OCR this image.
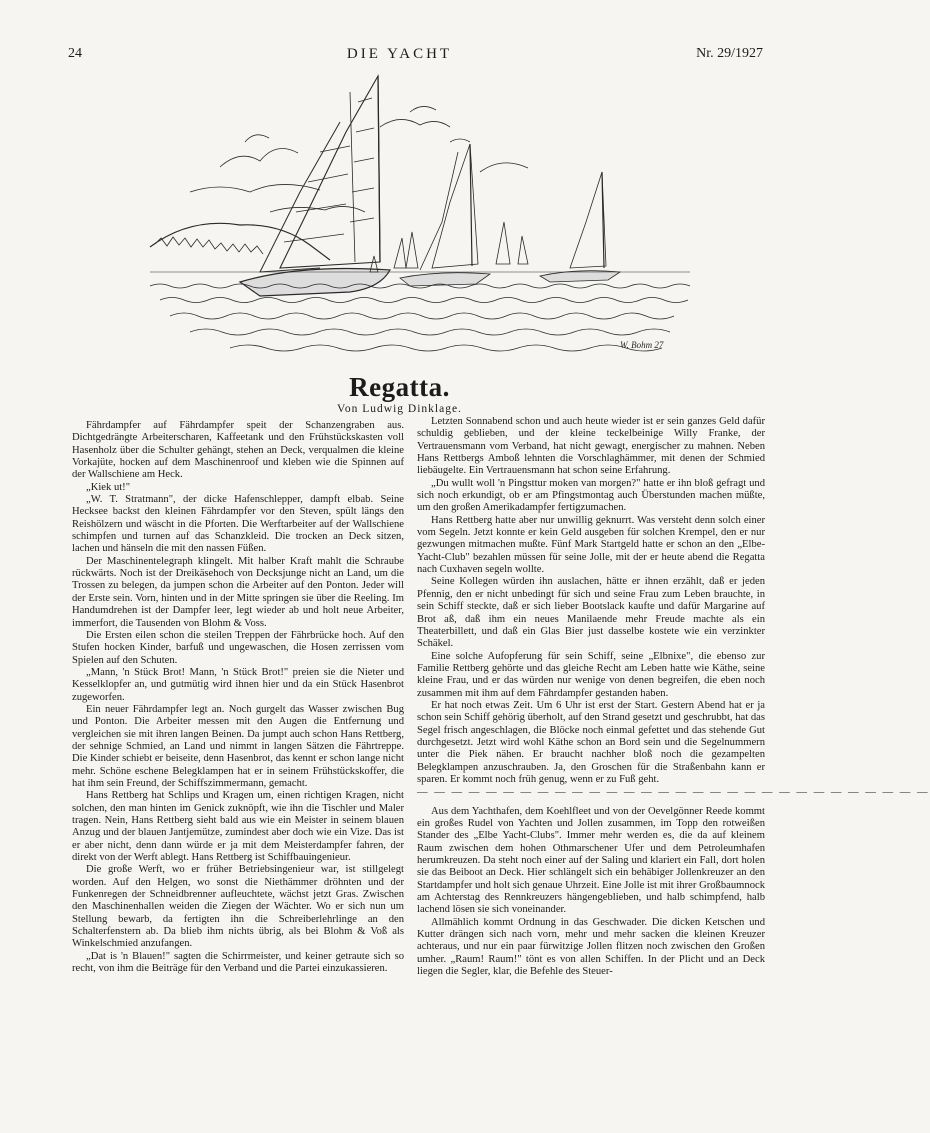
24	DIE YACHT	Nr. 29/1927
W. Bohm 27
Regatta.
Von Ludwig Dinklage.

Fährdampfer auf Fährdampfer speit der Schanzengraben aus. Dichtgedrängte Arbeiterscharen, Kaffeetank und den Frühstückskasten voll Hasenholz über die Schulter gehängt, stehen an Deck, verqualmen die kleine Vorkajüte, hocken auf dem Maschinenroof und kleben wie die Spinnen auf der Wallschiene am Heck.

„Kiek ut!"

„W. T. Stratmann", der dicke Hafenschlepper, dampft elbab. Seine Hecksee backst den kleinen Fährdampfer vor den Steven, spült längs den Reishölzern und wäscht in die Pforten. Die Werftarbeiter auf der Wallschiene schimpfen und turnen auf das Schanzkleid. Die trocken an Deck sitzen, lachen und hänseln die mit den nassen Füßen.

Der Maschinentelegraph klingelt. Mit halber Kraft mahlt die Schraube rückwärts. Noch ist der Dreikäsehoch von Decksjunge nicht an Land, um die Trossen zu belegen, da jumpen schon die Arbeiter auf den Ponton. Jeder will der Erste sein. Vorn, hinten und in der Mitte springen sie über die Reeling. Im Handumdrehen ist der Dampfer leer, legt wieder ab und holt neue Arbeiter, immerfort, die Tausenden von Blohm & Voss.

Die Ersten eilen schon die steilen Treppen der Fährbrücke hoch. Auf den Stufen hocken Kinder, barfuß und ungewaschen, die Hosen zerrissen vom Spielen auf den Schuten.

„Mann, 'n Stück Brot! Mann, 'n Stück Brot!" preien sie die Nieter und Kesselklopfer an, und gutmütig wird ihnen hier und da ein Stück Hasenbrot zugeworfen.

Ein neuer Fährdampfer legt an. Noch gurgelt das Wasser zwischen Bug und Ponton. Die Arbeiter messen mit den Augen die Entfernung und vergleichen sie mit ihren langen Beinen. Da jumpt auch schon Hans Rettberg, der sehnige Schmied, an Land und nimmt in langen Sätzen die Fährtreppe. Die Kinder schiebt er beiseite, denn Hasenbrot, das kennt er schon lange nicht mehr. Schöne eschene Belegklampen hat er in seinem Frühstückskoffer, die hat ihm sein Freund, der Schiffszimmermann, gemacht.

Hans Rettberg hat Schlips und Kragen um, einen richtigen Kragen, nicht solchen, den man hinten im Genick zuknöpft, wie ihn die Tischler und Maler tragen. Nein, Hans Rettberg sieht bald aus wie ein Meister in seinem blauen Anzug und der blauen Jantjemütze, zumindest aber doch wie ein Vize. Das ist er aber nicht, denn dann würde er ja mit dem Meisterdampfer fahren, der direkt von der Werft ablegt. Hans Rettberg ist Schiffbauingenieur.

Die große Werft, wo er früher Betriebsingenieur war, ist stillgelegt worden. Auf den Helgen, wo sonst die Niethämmer dröhnten und der Funkenregen der Schneidbrenner aufleuchtete, wächst jetzt Gras. Zwischen den Maschinenhallen weiden die Ziegen der Wächter. Wo er sich nun um Stellung bewarb, da fertigten ihn die Schreiberlehrlinge an den Schalterfenstern ab. Da blieb ihm nichts übrig, als bei Blohm & Voß als Winkelschmied anzufangen.

„Dat is 'n Blauen!" sagten die Schirrmeister, und keiner getraute sich so recht, von ihm die Beiträge für den Verband und die Partei einzukassieren.

Letzten Sonnabend schon und auch heute wieder ist er sein ganzes Geld dafür schuldig geblieben, und der kleine teckelbeinige Willy Franke, der Vertrauensmann vom Verband, hat nicht gewagt, energischer zu mahnen. Neben Hans Rettbergs Amboß lehnten die Vorschlaghämmer, mit denen der Schmied liebäugelte. Ein Vertrauensmann hat schon seine Erfahrung.

„Du wullt woll 'n Pingsttur moken van morgen?" hatte er ihn bloß gefragt und sich noch erkundigt, ob er am Pfingstmontag auch Überstunden machen müßte, um den großen Amerikadampfer fertigzumachen.

Hans Rettberg hatte aber nur unwillig geknurrt. Was versteht denn solch einer vom Segeln. Jetzt konnte er kein Geld ausgeben für solchen Krempel, den er nur gezwungen mitmachen mußte. Fünf Mark Startgeld hatte er schon an den „Elbe-Yacht-Club" bezahlen müssen für seine Jolle, mit der er heute abend die Regatta nach Cuxhaven segeln wollte.

Seine Kollegen würden ihn auslachen, hätte er ihnen erzählt, daß er jeden Pfennig, den er nicht unbedingt für sich und seine Frau zum Leben brauchte, in sein Schiff steckte, daß er sich lieber Bootslack kaufte und dafür Margarine auf Brot aß, daß ihm ein neues Manilaende mehr Freude machte als ein Theaterbillett, und daß ein Glas Bier just dasselbe kostete wie ein verzinkter Schäkel.

Eine solche Aufopferung für sein Schiff, seine „Elbnixe", die ebenso zur Familie Rettberg gehörte und das gleiche Recht am Leben hatte wie Käthe, seine kleine Frau, und er das würden nur wenige von denen begreifen, die eben noch zusammen mit ihm auf dem Fährdampfer gestanden haben.

Er hat noch etwas Zeit. Um 6 Uhr ist erst der Start. Gestern Abend hat er ja schon sein Schiff gehörig überholt, auf den Strand gesetzt und geschrubbt, hat das Segel frisch angeschlagen, die Blöcke noch einmal gefettet und das stehende Gut durchgesetzt. Jetzt wird wohl Käthe schon an Bord sein und die Segelnummern unter die Piek nähen. Er braucht nachher bloß noch die gezampelten Belegklampen anzuschrauben. Ja, den Groschen für die Straßenbahn kann er sparen. Er kommt noch früh genug, wenn er zu Fuß geht.

— — — — — — — — — — — — — — — — — — — — — — — — — — — — — —

Aus dem Yachthafen, dem Koehlfleet und von der Oevelgönner Reede kommt ein großes Rudel von Yachten und Jollen zusammen, im Topp den rotweißen Stander des „Elbe Yacht-Clubs". Immer mehr werden es, die da auf kleinem Raum zwischen dem hohen Othmarschener Ufer und dem Petroleumhafen herumkreuzen. Da steht noch einer auf der Saling und klariert ein Fall, dort holen sie das Beiboot an Deck. Hier schlängelt sich ein behäbiger Jollenkreuzer an den Startdampfer und holt sich genaue Uhrzeit. Eine Jolle ist mit ihrer Großbaumnock am Achterstag des Rennkreuzers hängengeblieben, und halb schimpfend, halb lachend lösen sie sich voneinander.

Allmählich kommt Ordnung in das Geschwader. Die dicken Ketschen und Kutter drängen sich nach vorn, mehr und mehr sacken die kleinen Kreuzer achteraus, und nur ein paar fürwitzige Jollen flitzen noch zwischen den Großen umher. „Raum! Raum!" tönt es von allen Schiffen. In der Plicht und an Deck liegen die Segler, klar, die Befehle des Steuer-
